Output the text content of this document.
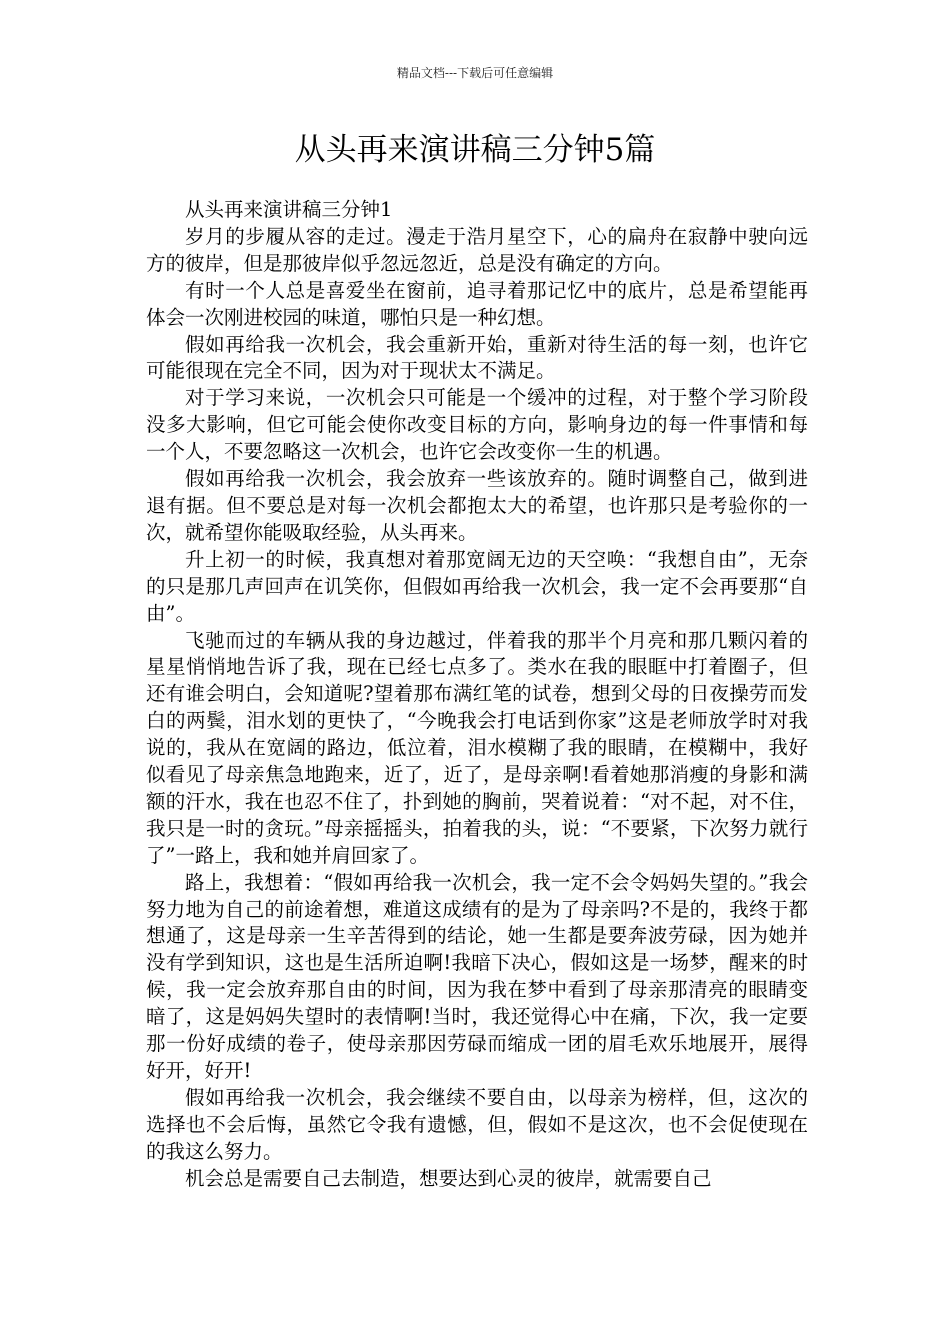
精品文档---下载后可任意编辑
从头再来演讲稿三分钟5篇

从头再来演讲稿三分钟1

岁月的步履从容的走过。漫走于浩月星空下，心的扁舟在寂静中驶向远方的彼岸，但是那彼岸似乎忽远忽近，总是没有确定的方向。

有时一个人总是喜爱坐在窗前，追寻着那记忆中的底片，总是希望能再体会一次刚进校园的味道，哪怕只是一种幻想。

假如再给我一次机会，我会重新开始，重新对待生活的每一刻，也许它可能很现在完全不同，因为对于现状太不满足。

对于学习来说，一次机会只可能是一个缓冲的过程，对于整个学习阶段没多大影响，但它可能会使你改变目标的方向，影响身边的每一件事情和每一个人，不要忽略这一次机会，也许它会改变你一生的机遇。

假如再给我一次机会，我会放弃一些该放弃的。随时调整自己，做到进退有据。但不要总是对每一次机会都抱太大的希望，也许那只是考验你的一次，就希望你能吸取经验，从头再来。

升上初一的时候，我真想对着那宽阔无边的天空唤：“我想自由”，无奈的只是那几声回声在讥笑你，但假如再给我一次机会，我一定不会再要那“自由”。

飞驰而过的车辆从我的身边越过，伴着我的那半个月亮和那几颗闪着的星星悄悄地告诉了我，现在已经七点多了。类水在我的眼眶中打着圈子，但还有谁会明白，会知道呢?望着那布满红笔的试卷，想到父母的日夜操劳而发白的两鬓，泪水划的更快了，“今晚我会打电话到你家”这是老师放学时对我说的，我从在宽阔的路边，低泣着，泪水模糊了我的眼睛，在模糊中，我好似看见了母亲焦急地跑来，近了，近了，是母亲啊!看着她那消瘦的身影和满额的汗水，我在也忍不住了，扑到她的胸前，哭着说着：“对不起，对不住，我只是一时的贪玩。”母亲摇摇头，拍着我的头，说：“不要紧，下次努力就行了”一路上，我和她并肩回家了。

路上，我想着：“假如再给我一次机会，我一定不会令妈妈失望的。”我会努力地为自己的前途着想，难道这成绩有的是为了母亲吗?不是的，我终于都想通了，这是母亲一生辛苦得到的结论，她一生都是要奔波劳碌，因为她并没有学到知识，这也是生活所迫啊!我暗下决心，假如这是一场梦，醒来的时候，我一定会放弃那自由的时间，因为我在梦中看到了母亲那清亮的眼睛变暗了，这是妈妈失望时的表情啊!当时，我还觉得心中在痛，下次，我一定要那一份好成绩的卷子，使母亲那因劳碌而缩成一团的眉毛欢乐地展开，展得好开，好开!

假如再给我一次机会，我会继续不要自由，以母亲为榜样，但，这次的选择也不会后悔，虽然它令我有遗憾，但，假如不是这次，也不会促使现在的我这么努力。

机会总是需要自己去制造，想要达到心灵的彼岸，就需要自己
